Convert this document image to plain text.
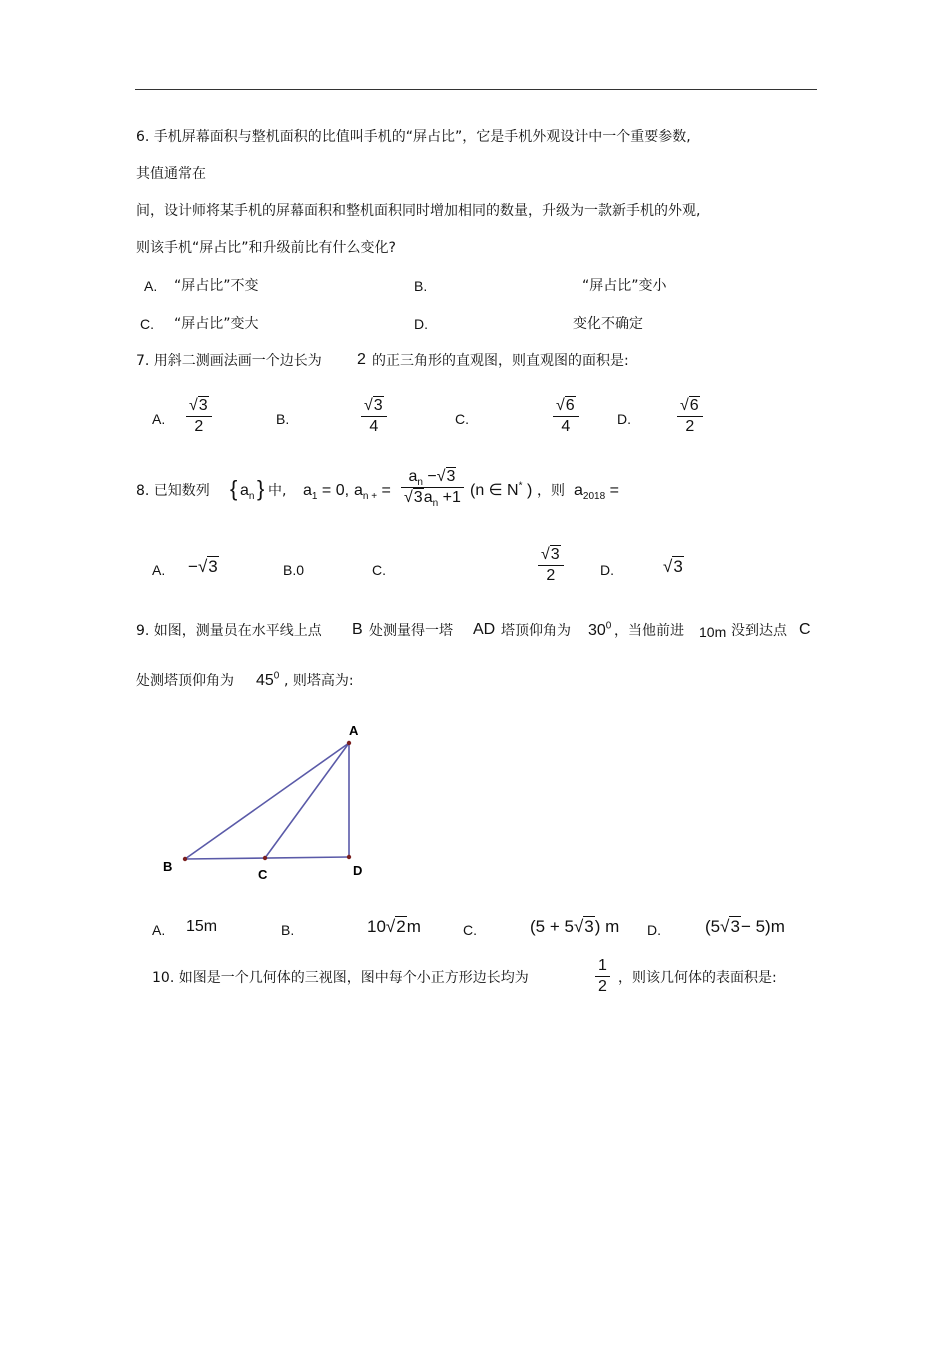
6. 手机屏幕面积与整机面积的比值叫手机的“屏占比”，它是手机外观设计中一个重要参数,
其值通常在
间，设计师将某手机的屏幕面积和整机面积同时增加相同的数量，升级为一款新手机的外观,
则该手机“屏占比”和升级前比有什么变化?
A. “屏占比”不变	B.	“屏占比”变小
C. “屏占比”变大	D.	变化不确定
7. 用斜二测画法画一个边长为 2 的正三角形的直观图，则直观图的面积是:
A. $\frac{√3}{2}$	B.	$\frac{√3}{4}$	C.	$\frac{√6}{4}$	D.	$\frac{√6}{2}$
8. 已知数列 { $a_n$ } 中, $a_1 = 0$, $a_{n +} = \frac{a_n -√3}{√3a_n +1} (n$ ∈ N* ) ，则 $a_{2018}$ =
A. −√3	B.0	C.	$\frac{√3}{2}$	D.	√3
9. 如图，测量员在水平线上点 B 处测量得一塔 AD 塔顶仰角为 $30^0$ ，当他前进 10m 没到达点 C
处测塔顶仰角为 $45^0$ , 则塔高为:
A
B
C	D
A. 15m	B.	10√2m	C.	(5 + 5√3) m D.	(5√3− 5)m
10. 如图是一个几何体的三视图，图中每个小正方形边长均为	$\frac{1}{2}$ ，则该几何体的表面积是:
